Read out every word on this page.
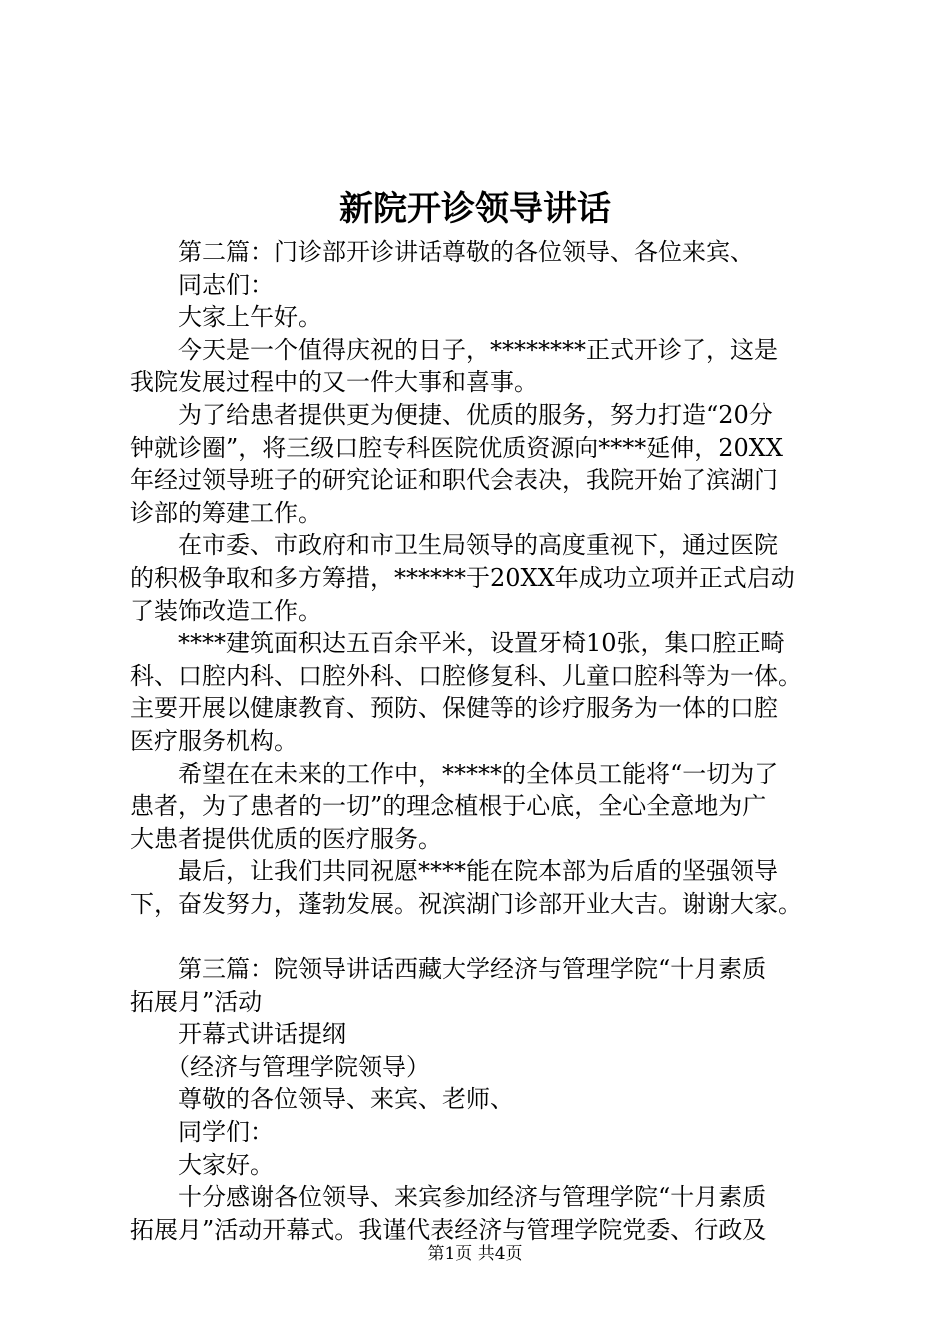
新院开诊领导讲话
　　第二篇：门诊部开诊讲话尊敬的各位领导、各位来宾、
　　同志们：
　　大家上午好。
　　今天是一个值得庆祝的日子，********正式开诊了，这是
我院发展过程中的又一件大事和喜事。
　　为了给患者提供更为便捷、优质的服务，努力打造“20分
钟就诊圈”，将三级口腔专科医院优质资源向****延伸，20XX
年经过领导班子的研究论证和职代会表决，我院开始了滨湖门
诊部的筹建工作。
　　在市委、市政府和市卫生局领导的高度重视下，通过医院
的积极争取和多方筹措，******于20XX年成功立项并正式启动
了装饰改造工作。
　　****建筑面积达五百余平米，设置牙椅10张，集口腔正畸
科、口腔内科、口腔外科、口腔修复科、儿童口腔科等为一体。
主要开展以健康教育、预防、保健等的诊疗服务为一体的口腔
医疗服务机构。
　　希望在在未来的工作中，*****的全体员工能将“一切为了
患者，为了患者的一切”的理念植根于心底，全心全意地为广
大患者提供优质的医疗服务。
　　最后，让我们共同祝愿****能在院本部为后盾的坚强领导
下，奋发努力，蓬勃发展。祝滨湖门诊部开业大吉。谢谢大家。
　　第三篇：院领导讲话西藏大学经济与管理学院“十月素质
拓展月”活动
　　开幕式讲话提纲
　　（经济与管理学院领导）
　　尊敬的各位领导、来宾、老师、
　　同学们：
　　大家好。
　　十分感谢各位领导、来宾参加经济与管理学院“十月素质
拓展月”活动开幕式。我谨代表经济与管理学院党委、行政及
第1页 共4页
